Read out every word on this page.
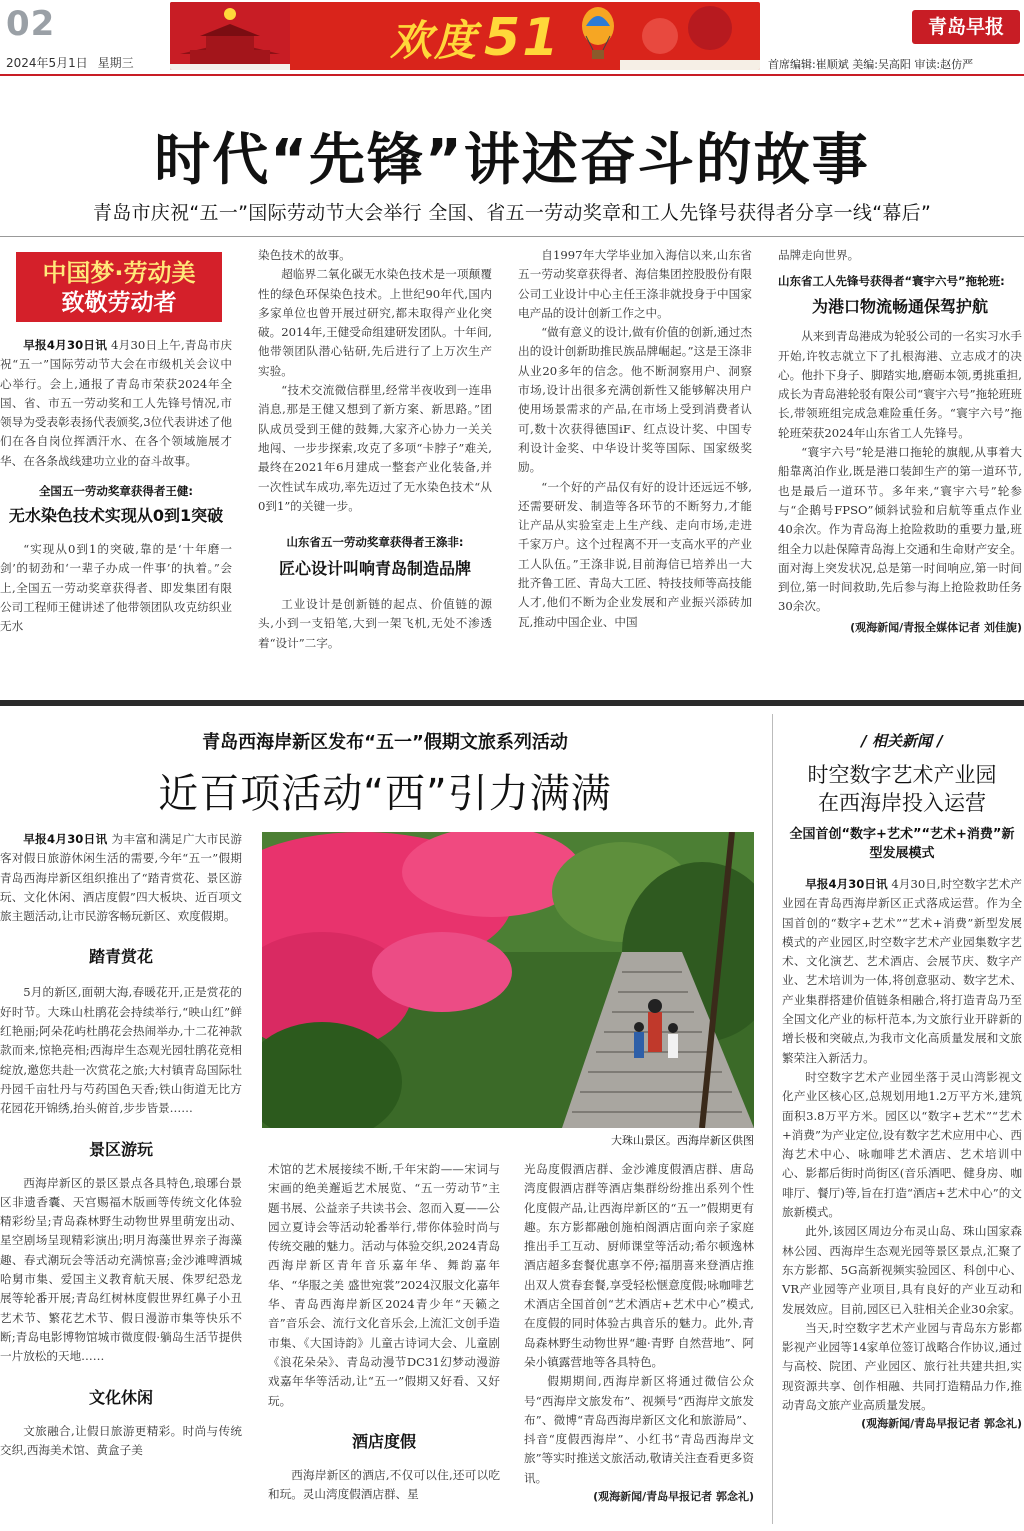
02
2024年5月1日 星期三	欢度 51	青岛早报
首席编辑:崔顺斌 美编:吴高阳 审读:赵仿严
时代“先锋”讲述奋斗的故事
青岛市庆祝“五一”国际劳动节大会举行 全国、省五一劳动奖章和工人先锋号获得者分享一线“幕后”
中国梦·劳动美
致敬劳动者
早报4月30日讯 4月30日上午,青岛市庆祝“五一”国际劳动节大会在市级机关会议中心举行。会上,通报了青岛市荣获2024年全国、省、市五一劳动奖和工人先锋号情况,市领导为受表彰表扬代表颁奖,3位代表讲述了他们在各自岗位挥洒汗水、在各个领域施展才华、在各条战线建功立业的奋斗故事。
全国五一劳动奖章获得者王健:
无水染色技术实现从0到1突破
“实现从0到1的突破,靠的是‘十年磨一剑’的韧劲和‘一辈子办成一件事’的执着。”会上,全国五一劳动奖章获得者、即发集团有限公司工程师王健讲述了他带领团队攻克纺织业无水
染色技术的故事。
超临界二氧化碳无水染色技术是一项颠覆性的绿色环保染色技术。上世纪90年代,国内多家单位也曾开展过研究,都未取得产业化突破。2014年,王健受命组建研发团队。十年间,他带领团队潜心钻研,先后进行了上万次生产实验。
“技术交流微信群里,经常半夜收到一连串消息,那是王健又想到了新方案、新思路。”团队成员受到王健的鼓舞,大家齐心协力一关关地闯、一步步探索,攻克了多项“卡脖子”难关,最终在2021年6月建成一整套产业化装备,并一次性试车成功,率先迈过了无水染色技术“从0到1”的关键一步。
山东省五一劳动奖章获得者王涤非:
匠心设计叫响青岛制造品牌
工业设计是创新链的起点、价值链的源头,小到一支铅笔,大到一架飞机,无处不渗透着“设计”二字。
自1997年大学毕业加入海信以来,山东省五一劳动奖章获得者、海信集团控股股份有限公司工业设计中心主任王涤非就投身于中国家电产品的设计创新工作之中。
“做有意义的设计,做有价值的创新,通过杰出的设计创新助推民族品牌崛起。”这是王涤非从业20多年的信念。他不断洞察用户、洞察市场,设计出很多充满创新性又能够解决用户使用场景需求的产品,在市场上受到消费者认可,数十次获得德国iF、红点设计奖、中国专利设计金奖、中华设计奖等国际、国家级奖励。
“一个好的产品仅有好的设计还远远不够,还需要研发、制造等各环节的不断努力,才能让产品从实验室走上生产线、走向市场,走进千家万户。这个过程离不开一支高水平的产业工人队伍。”王涤非说,目前海信已培养出一大批齐鲁工匠、青岛大工匠、特技技师等高技能人才,他们不断为企业发展和产业振兴添砖加瓦,推动中国企业、中国
品牌走向世界。
山东省工人先锋号获得者“寰宇六号”拖轮班:
为港口物流畅通保驾护航
从来到青岛港成为轮驳公司的一名实习水手开始,许牧志就立下了扎根海港、立志成才的决心。他扑下身子、脚踏实地,磨砺本领,勇挑重担,成长为青岛港轮驳有限公司“寰宇六号”拖轮班班长,带领班组完成急难险重任务。“寰宇六号”拖轮班荣获2024年山东省工人先锋号。
“寰宇六号”轮是港口拖轮的旗舰,从事着大船靠离泊作业,既是港口装卸生产的第一道环节,也是最后一道环节。多年来,“寰宇六号”轮参与“企鹅号FPSO”倾斜试验和启航等重点作业40余次。作为青岛海上抢险救助的重要力量,班组全力以赴保障青岛海上交通和生命财产安全。面对海上突发状况,总是第一时间响应,第一时间到位,第一时间救助,先后参与海上抢险救助任务30余次。
(观海新闻/青报全媒体记者 刘佳旎)
青岛西海岸新区发布“五一”假期文旅系列活动
近百项活动“西”引力满满
大珠山景区。西海岸新区供图
早报4月30日讯 为丰富和满足广大市民游客对假日旅游休闲生活的需要,今年“五一”假期青岛西海岸新区组织推出了“踏青赏花、景区游玩、文化休闲、酒店度假”四大板块、近百项文旅主题活动,让市民游客畅玩新区、欢度假期。
踏青赏花
5月的新区,面朝大海,春暖花开,正是赏花的好时节。大珠山杜鹃花会持续举行,“映山红”鲜红艳丽;阿朵花屿杜鹃花会热闹举办,十二花神款款而来,惊艳亮相;西海岸生态观光园牡鹃花竞相绽放,邀您共赴一次赏花之旅;大村镇青岛国际牡丹园千亩牡丹与芍药国色天香;铁山街道无比方花园花开锦绣,抬头俯首,步步皆景……
景区游玩
西海岸新区的景区景点各具特色,琅琊台景区非遗香囊、天宫赐福木版画等传统文化体验精彩纷呈;青岛森林野生动物世界里萌宠出动、星空剧场呈现精彩演出;明月海藻世界亲子海藻趣、春式潮玩会等活动充满惊喜;金沙滩啤酒城哈舅市集、爱国主义教育航天展、侏罗纪恐龙展等轮番开展;青岛红树林度假世界红鼻子小丑艺术节、繁花艺术节、假日漫游市集等快乐不断;青岛电影博物馆城市微度假·躺岛生活节提供一片放松的天地……
文化休闲
文旅融合,让假日旅游更精彩。时尚与传统交织,西海美术馆、黄盒子美
术馆的艺术展接续不断,千年宋韵——宋词与宋画的绝美邂逅艺术展览、“五一劳动节”主题书展、公益亲子共读书会、忽而入夏——公园立夏诗会等活动轮番举行,带你体验时尚与传统交融的魅力。活动与体验交织,2024青岛西海岸新区青年音乐嘉年华、舞韵嘉年华、“华服之美 盛世宛裳”2024汉服文化嘉年华、青岛西海岸新区2024青少年“天籁之音”音乐会、流行文化音乐会,上流汇文创手造市集、《大国诗韵》儿童古诗词大会、儿童剧《浪花朵朵》、青岛动漫节DC31幻梦动漫游戏嘉年华等活动,让“五一”假期又好看、又好玩。
酒店度假
西海岸新区的酒店,不仅可以住,还可以吃和玩。灵山湾度假酒店群、星
光岛度假酒店群、金沙滩度假酒店群、唐岛湾度假酒店群等酒店集群纷纷推出系列个性化度假产品,让西海岸新区的“五一”假期更有趣。东方影都融创施柏阁酒店面向亲子家庭推出手工互动、厨师课堂等活动;希尔顿逸林酒店超多套餐优惠享不停;福朋喜来登酒店推出双人赏春套餐,享受轻松惬意度假;咏咖啡艺术酒店全国首创“艺术酒店+艺术中心”模式,在度假的同时体验古典音乐的魅力。此外,青岛森林野生动物世界“趣·青野 自然营地”、阿朵小镇露营地等各具特色。
假期期间,西海岸新区将通过微信公众号“西海岸文旅发布”、视频号“西海岸文旅发布”、微博“青岛西海岸新区文化和旅游局”、抖音“度假西海岸”、小红书“青岛西海岸文旅”等实时推送文旅活动,敬请关注查看更多资讯。
(观海新闻/青岛早报记者 郭念礼)
/ 相关新闻 /
时空数字艺术产业园
在西海岸投入运营
全国首创“数字+艺术”“艺术+消费”新型发展模式
早报4月30日讯 4月30日,时空数字艺术产业园在青岛西海岸新区正式落成运营。作为全国首创的“数字+艺术”“艺术+消费”新型发展模式的产业园区,时空数字艺术产业园集数字艺术、文化演艺、艺术酒店、会展节庆、数字产业、艺术培训为一体,将创意驱动、数字艺术、产业集群搭建价值链条相融合,将打造青岛乃至全国文化产业的标杆范本,为文旅行业开辟新的增长极和突破点,为我市文化高质量发展和文旅繁荣注入新活力。
时空数字艺术产业园坐落于灵山湾影视文化产业区核心区,总规划用地1.2万平方米,建筑面积3.8万平方米。园区以“数字+艺术”“艺术+消费”为产业定位,设有数字艺术应用中心、西海艺术中心、咏咖啡艺术酒店、艺术培训中心、影都后街时尚街区(音乐酒吧、健身房、咖啡厅、餐厅)等,旨在打造“酒店+艺术中心”的文旅新模式。
此外,该园区周边分布灵山岛、珠山国家森林公园、西海岸生态观光园等景区景点,汇聚了东方影都、5G高新视频实验园区、科创中心、VR产业园等产业项目,具有良好的产业互动和发展效应。目前,园区已入驻相关企业30余家。
当天,时空数字艺术产业园与青岛东方影都影视产业园等14家单位签订战略合作协议,通过与高校、院团、产业园区、旅行社共建共担,实现资源共享、创作相融、共同打造精品力作,推动青岛文旅产业高质量发展。
(观海新闻/青岛早报记者 郭念礼)
